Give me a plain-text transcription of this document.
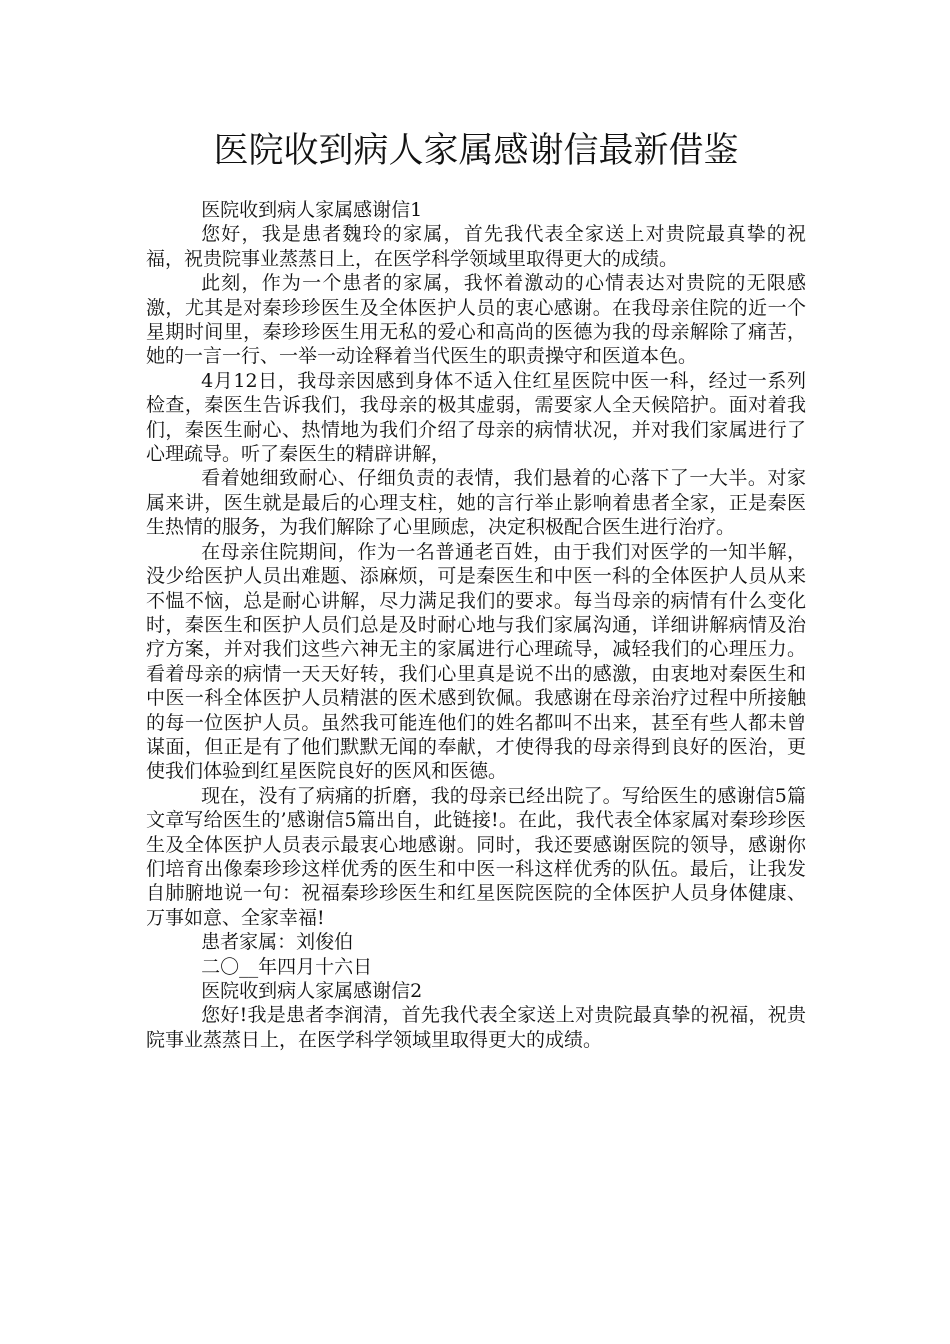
医院收到病人家属感谢信最新借鉴

医院收到病人家属感谢信1

您好，我是患者魏玲的家属，首先我代表全家送上对贵院最真挚的祝福，祝贵院事业蒸蒸日上，在医学科学领域里取得更大的成绩。

此刻，作为一个患者的家属，我怀着激动的心情表达对贵院的无限感激，尤其是对秦珍珍医生及全体医护人员的衷心感谢。在我母亲住院的近一个星期时间里，秦珍珍医生用无私的爱心和高尚的医德为我的母亲解除了痛苦，她的一言一行、一举一动诠释着当代医生的职责操守和医道本色。

4月12日，我母亲因感到身体不适入住红星医院中医一科，经过一系列检查，秦医生告诉我们，我母亲的极其虚弱，需要家人全天候陪护。面对着我们，秦医生耐心、热情地为我们介绍了母亲的病情状况，并对我们家属进行了心理疏导。听了秦医生的精辟讲解，

看着她细致耐心、仔细负责的表情，我们悬着的心落下了一大半。对家属来讲，医生就是最后的心理支柱，她的言行举止影响着患者全家，正是秦医生热情的服务，为我们解除了心里顾虑，决定积极配合医生进行治疗。

在母亲住院期间，作为一名普通老百姓，由于我们对医学的一知半解，没少给医护人员出难题、添麻烦，可是秦医生和中医一科的全体医护人员从来不愠不恼，总是耐心讲解，尽力满足我们的要求。每当母亲的病情有什么变化时，秦医生和医护人员们总是及时耐心地与我们家属沟通，详细讲解病情及治疗方案，并对我们这些六神无主的家属进行心理疏导，减轻我们的心理压力。看着母亲的病情一天天好转，我们心里真是说不出的感激，由衷地对秦医生和中医一科全体医护人员精湛的医术感到钦佩。我感谢在母亲治疗过程中所接触的每一位医护人员。虽然我可能连他们的姓名都叫不出来，甚至有些人都未曾谋面，但正是有了他们默默无闻的奉献，才使得我的母亲得到良好的医治，更使我们体验到红星医院良好的医风和医德。

现在，没有了病痛的折磨，我的母亲已经出院了。写给医生的感谢信5篇文章写给医生的’感谢信5篇出自，此链接!。在此，我代表全体家属对秦珍珍医生及全体医护人员表示最衷心地感谢。同时，我还要感谢医院的领导，感谢你们培育出像秦珍珍这样优秀的医生和中医一科这样优秀的队伍。最后，让我发自肺腑地说一句：祝福秦珍珍医生和红星医院医院的全体医护人员身体健康、万事如意、全家幸福!

患者家属：刘俊伯

二〇__年四月十六日

医院收到病人家属感谢信2

您好!我是患者李润清，首先我代表全家送上对贵院最真挚的祝福，祝贵院事业蒸蒸日上，在医学科学领域里取得更大的成绩。
